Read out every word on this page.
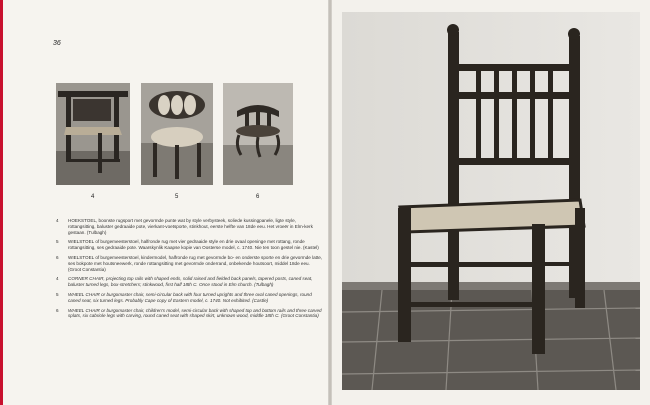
36
4	5	6
4 HOEKSTOEL, boonste rugsport met gevormde punte wat by style verbysteek, soliede kussingpanele, ligte style, rottangsitting, baluster gedraaide pote, vierkant-voetsporte, stinkhout, eerste helfte van 18de eeu. Het vroeër in Elm-kerk gestaan. (Tulbagh)
5 WIELSTOEL of burgemeesterstoel, halfronde rug met vier gedraaide style en drie ovaal openinge met rottang, ronde rottangsitting, ses gedraaide pote. Waarskynlik Kaapse kopie van Oosterse model, c. 1740. Nie ten toon gestel nie. (Kastel)
6 WIELSTOEL of burgemeesterstoel, kindermodel, halfronde rug met gevormde bo- en onderste sporte en drie gevormde latte, ses bokpote met houtsneewerk, ronde rottangsitting met gevormde onderrand, onbekende houtsoort, middel 18de eeu. (Groot Constantia)
4 CORNER CHAIR, projecting top rails with shaped ends, solid raised and fielded back panels, tapered posts, caned seat, baluster turned legs, box-stretchers; stinkwood, first half 18th C. Once stood in Elm church. (Tulbagh)
5 WHEEL CHAIR or burgomaster chair, semi-circular back with four turned uprights and three oval caned openings, round caned seat, six turned legs. Probably Cape copy of Eastern model, c. 1740. Not exhibited. (Castle)
6 WHEEL CHAIR or burgomaster chair, children's model, semi-circular back with shaped top and bottom rails and three carved splats, six cabriole legs with carving, round caned seat with shaped skirt, unknown wood, middle 18th C. (Groot Constantia)
